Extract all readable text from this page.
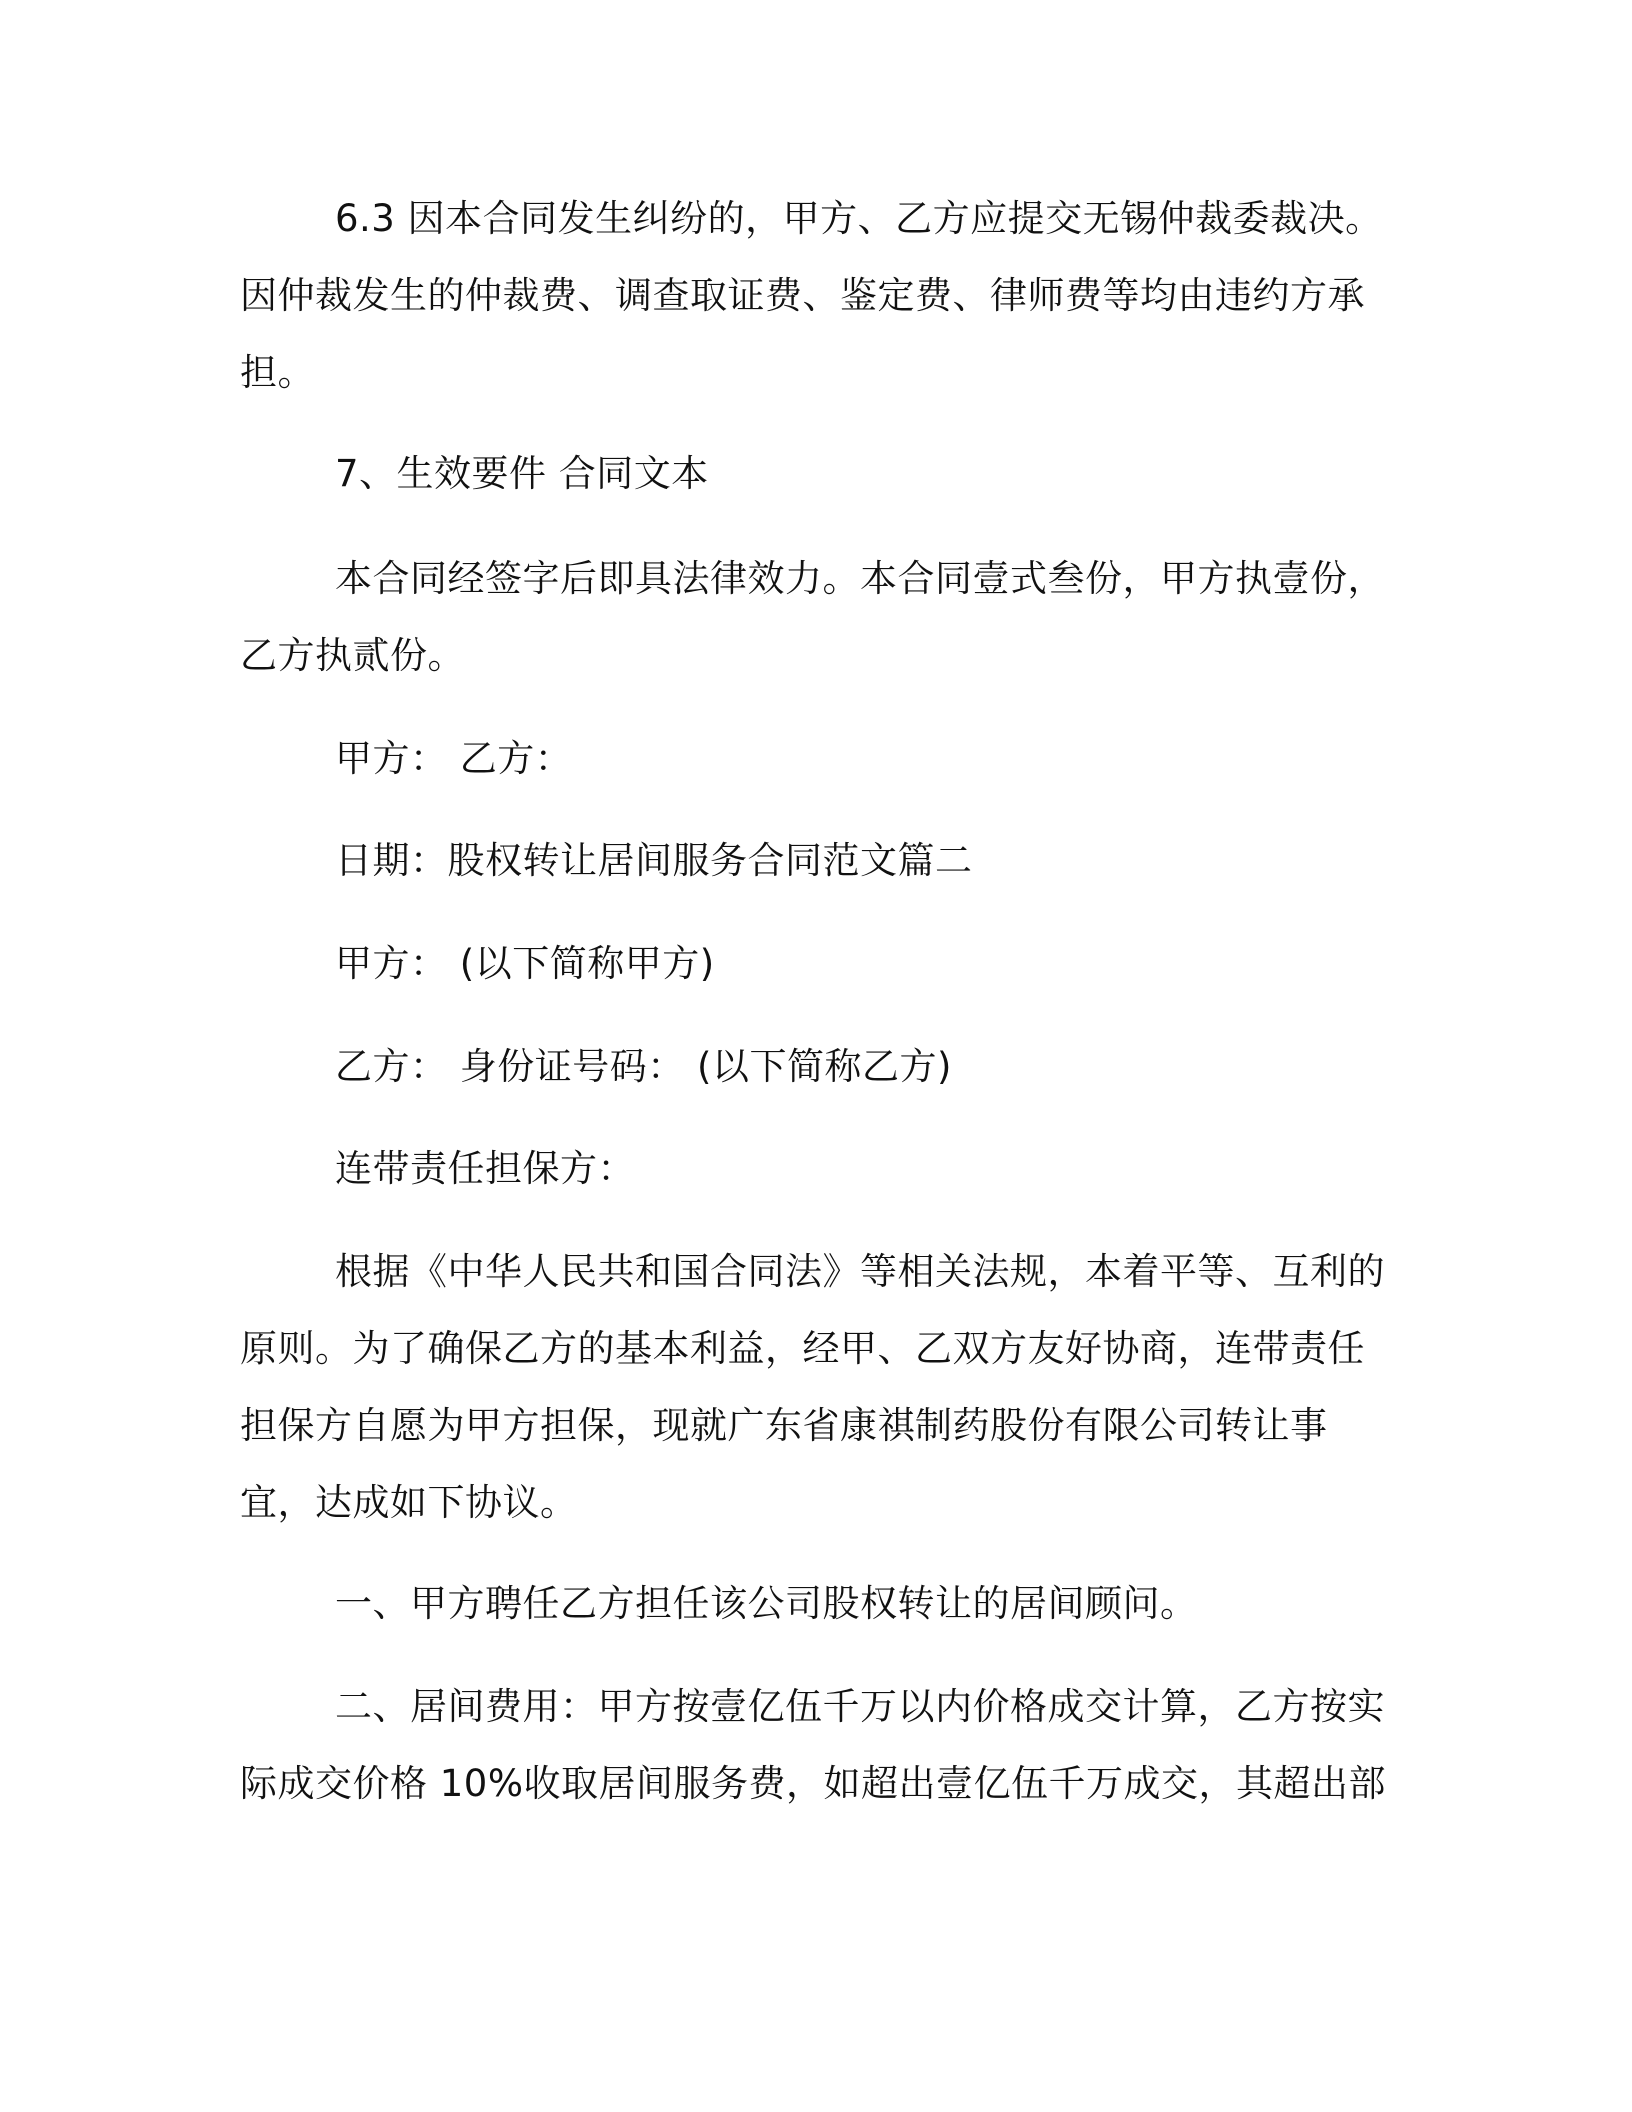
6.3 因本合同发生纠纷的，甲方、乙方应提交无锡仲裁委裁决。因仲裁发生的仲裁费、调查取证费、鉴定费、律师费等均由违约方承担。

7、生效要件 合同文本

本合同经签字后即具法律效力。本合同壹式叁份，甲方执壹份，乙方执贰份。

甲方： 乙方：

日期：股权转让居间服务合同范文篇二

甲方： (以下简称甲方)

乙方： 身份证号码： (以下简称乙方)

连带责任担保方：

根据《中华人民共和国合同法》等相关法规，本着平等、互利的原则。为了确保乙方的基本利益，经甲、乙双方友好协商，连带责任担保方自愿为甲方担保，现就广东省康祺制药股份有限公司转让事宜，达成如下协议。

一、甲方聘任乙方担任该公司股权转让的居间顾问。

二、居间费用：甲方按壹亿伍千万以内价格成交计算，乙方按实际成交价格 10%收取居间服务费，如超出壹亿伍千万成交，其超出部
